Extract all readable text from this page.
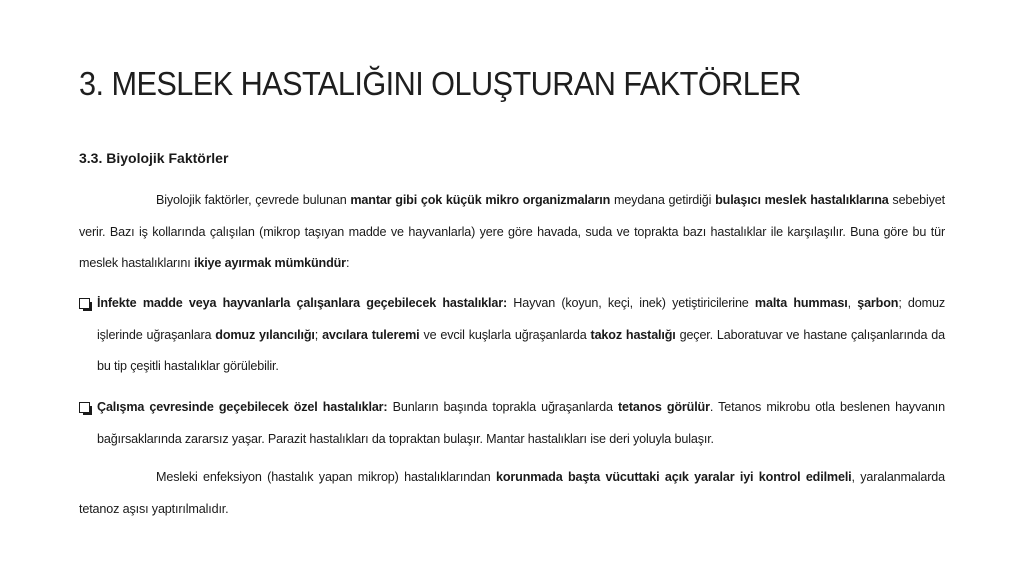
3. MESLEK HASTALIĞINI OLUŞTURAN FAKTÖRLER
3.3. Biyolojik Faktörler
Biyolojik faktörler, çevrede bulunan mantar gibi çok küçük mikro organizmaların meydana getirdiği bulaşıcı meslek hastalıklarına sebebiyet verir. Bazı iş kollarında çalışılan (mikrop taşıyan madde ve hayvanlarla) yere göre havada, suda ve toprakta bazı hastalıklar ile karşılaşılır. Buna göre bu tür meslek hastalıklarını ikiye ayırmak mümkündür:
İnfekte madde veya hayvanlarla çalışanlara geçebilecek hastalıklar: Hayvan (koyun, keçi, inek) yetiştiricilerine malta humması, şarbon; domuz işlerinde uğraşanlara domuz yılancılığı; avcılara tuleremi ve evcil kuşlarla uğraşanlarda takoz hastalığı geçer. Laboratuvar ve hastane çalışanlarında da bu tip çeşitli hastalıklar görülebilir.
Çalışma çevresinde geçebilecek özel hastalıklar: Bunların başında toprakla uğraşanlarda tetanos görülür. Tetanos mikrobu otla beslenen hayvanın bağırsaklarında zararsız yaşar. Parazit hastalıkları da topraktan bulaşır. Mantar hastalıkları ise deri yoluyla bulaşır.
Mesleki enfeksiyon (hastalık yapan mikrop) hastalıklarından korunmada başta vücuttaki açık yaralar iyi kontrol edilmeli, yaralanmalarda tetanoz aşısı yaptırılmalıdır.
